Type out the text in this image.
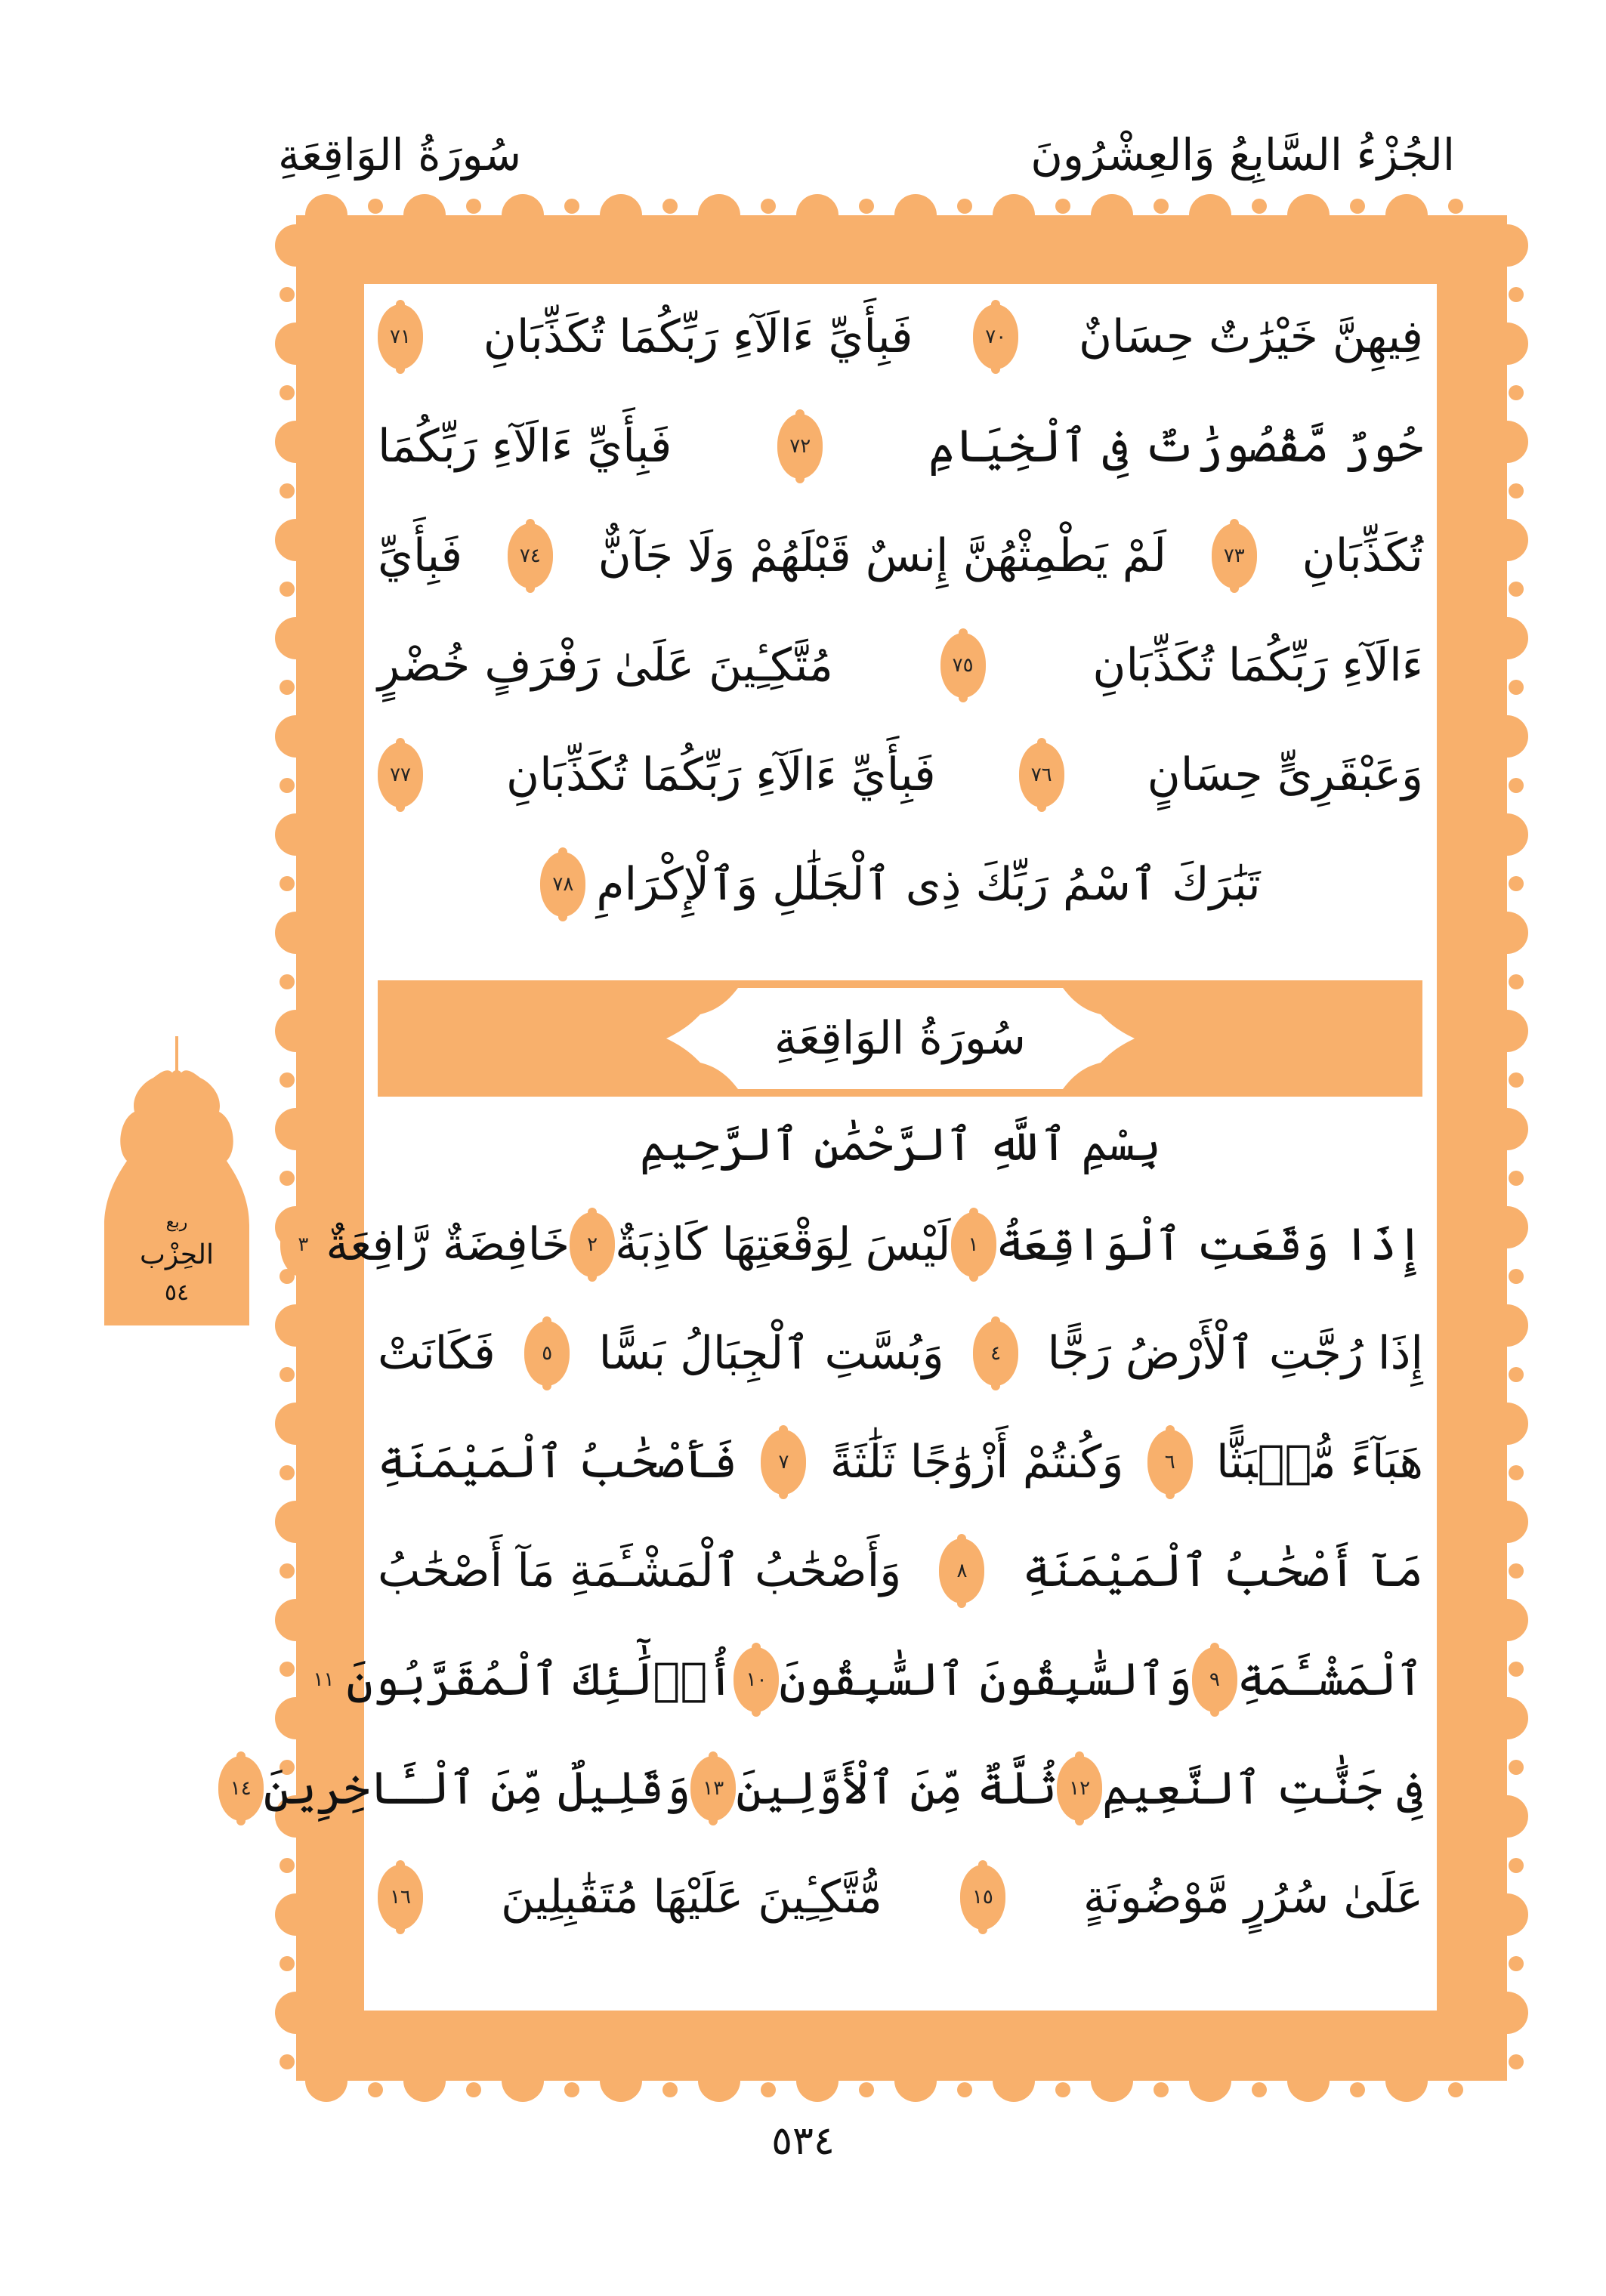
الجُزْءُ السَّابِعُ وَالعِشْرُونَ
سُورَةُ الوَاقِعَةِ
فِيهِنَّ خَيْرَٰتٌ حِسَانٌ
٧٠
فَبِأَيِّ ءَالَآءِ رَبِّكُمَا تُكَذِّبَانِ
٧١
حُورٌ مَّقْصُورَٰتٌ فِى ٱلْخِيَامِ
٧٢
فَبِأَيِّ ءَالَآءِ رَبِّكُمَا
تُكَذِّبَانِ
٧٣
لَمْ يَطْمِثْهُنَّ إِنسٌ قَبْلَهُمْ وَلَا جَآنٌّ
٧٤
فَبِأَيِّ
ءَالَآءِ رَبِّكُمَا تُكَذِّبَانِ
٧٥
مُتَّكِـِٔينَ عَلَىٰ رَفْرَفٍ خُضْرٍ
وَعَبْقَرِىٍّ حِسَانٍ
٧٦
فَبِأَيِّ ءَالَآءِ رَبِّكُمَا تُكَذِّبَانِ
٧٧
تَبَٰرَكَ ٱسْمُ رَبِّكَ ذِى ٱلْجَلَٰلِ وَٱلْإِكْرَامِ
٧٨
سُورَةُ الوَاقِعَةِ
بِسْمِ ٱللَّهِ ٱلرَّحْمَٰنِ ٱلرَّحِيمِ
إِذَا وَقَعَتِ ٱلْوَاقِعَةُ
١
لَيْسَ لِوَقْعَتِهَا كَاذِبَةٌ
٢
خَافِضَةٌ رَّافِعَةٌ
٣
إِذَا رُجَّتِ ٱلْأَرْضُ رَجًّا
٤
وَبُسَّتِ ٱلْجِبَالُ بَسًّا
٥
فَكَانَتْ
هَبَآءً مُّنۢبَثًّا
٦
وَكُنتُمْ أَزْوَٰجًا ثَلَٰثَةً
٧
فَأَصْحَٰبُ ٱلْمَيْمَنَةِ
مَآ أَصْحَٰبُ ٱلْمَيْمَنَةِ
٨
وَأَصْحَٰبُ ٱلْمَشْـَٔمَةِ مَآ أَصْحَٰبُ
ٱلْمَشْـَٔمَةِ
٩
وَٱلسَّٰبِقُونَ ٱلسَّٰبِقُونَ
١٠
أُو۟لَٰٓئِكَ ٱلْمُقَرَّبُونَ
١١
فِى جَنَّٰتِ ٱلنَّعِيمِ
١٢
ثُلَّةٌ مِّنَ ٱلْأَوَّلِينَ
١٣
وَقَلِيلٌ مِّنَ ٱلْـَٔاخِرِينَ
١٤
عَلَىٰ سُرُرٍ مَّوْضُونَةٍ
١٥
مُّتَّكِـِٔينَ عَلَيْهَا مُتَقَٰبِلِينَ
١٦
ربع
الحِزْب
٥٤
٥٣٤
